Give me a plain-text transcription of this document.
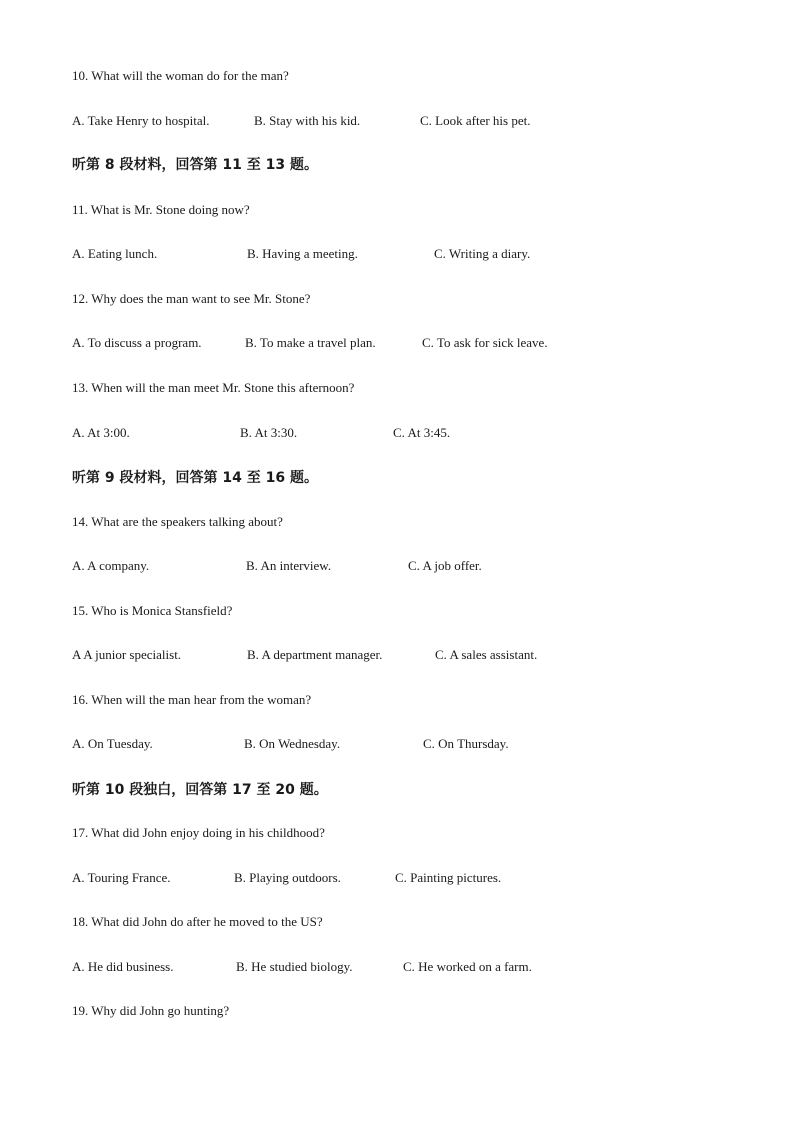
10. What will the woman do for the man?
A. Take Henry to hospital.	B. Stay with his kid.	C. Look after his pet.
听第 8 段材料，回答第 11 至 13 题。
11. What is Mr. Stone doing now?
A. Eating lunch.	B. Having a meeting.	C. Writing a diary.
12. Why does the man want to see Mr. Stone?
A. To discuss a program.	B. To make a travel plan.	C. To ask for sick leave.
13. When will the man meet Mr. Stone this afternoon?
A. At 3:00.	B. At 3:30.	C. At 3:45.
听第 9 段材料，回答第 14 至 16 题。
14. What are the speakers talking about?
A. A company.	B. An interview.	C. A job offer.
15. Who is Monica Stansfield?
A A junior specialist.	B. A department manager.	C. A sales assistant.
16. When will the man hear from the woman?
A. On Tuesday.	B. On Wednesday.	C. On Thursday.
听第 10 段独白，回答第 17 至 20 题。
17. What did John enjoy doing in his childhood?
A. Touring France.	B. Playing outdoors.	C. Painting pictures.
18. What did John do after he moved to the US?
A. He did business.	B. He studied biology.	C. He worked on a farm.
19. Why did John go hunting?
